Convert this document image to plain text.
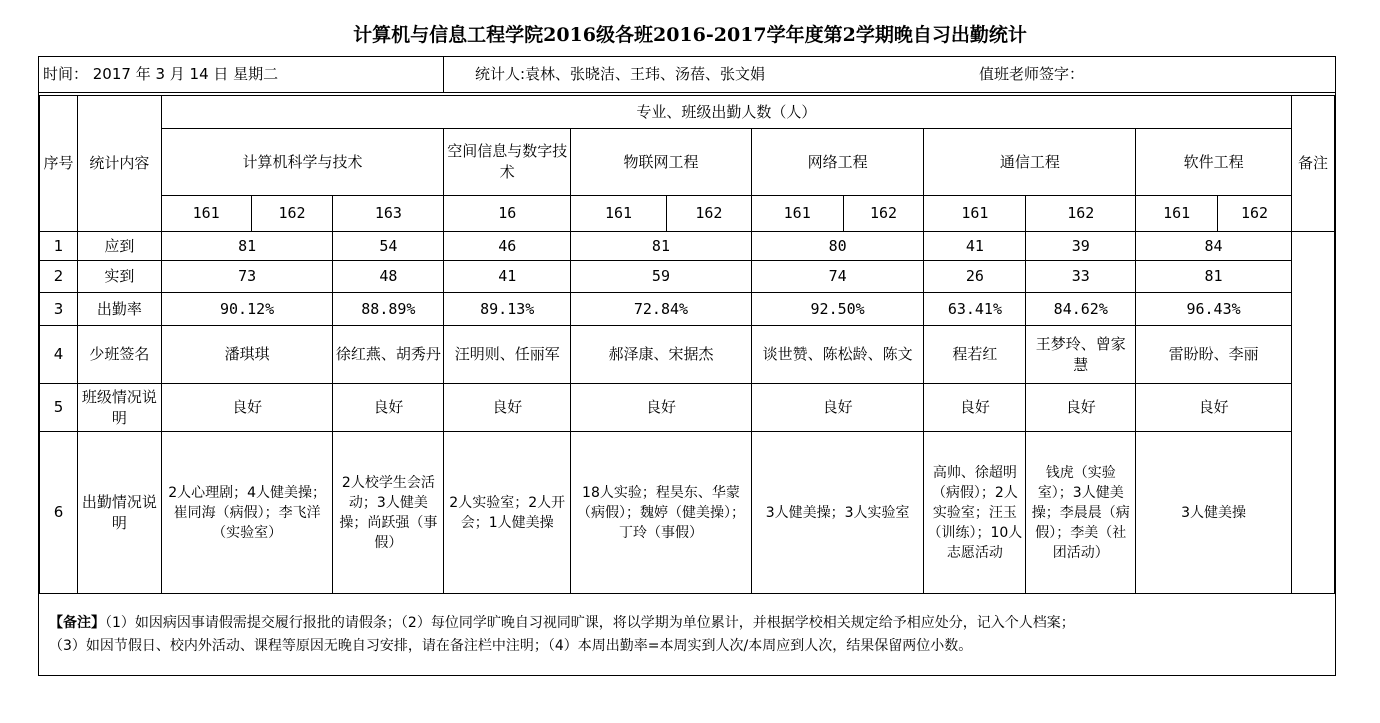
计算机与信息工程学院2016级各班2016-2017学年度第2学期晚自习出勤统计
时间： 2017 年 3 月 14 日 星期二	统计人:袁林、张晓洁、王玮、汤蓓、张文娟	值班老师签字：
序号	统计内容	专业、班级出勤人数（人）												备注
		计算机科学与技术			空间信息与数字技术	物联网工程		网络工程		通信工程		软件工程		
		161	162	163	16	161	162	161	162	161	162	161	162	
1	应到	81		54	46	81		80		41	39	84		
2	实到	73		48	41	59		74		26	33	81		
3	出勤率	90.12%		88.89%	89.13%	72.84%		92.50%		63.41%	84.62%	96.43%		
4	少班签名	潘琪琪		徐红燕、胡秀丹	汪明则、任丽军	郝泽康、宋据杰		谈世赞、陈松龄、陈文		程若红	王梦玲、曾家慧	雷盼盼、李丽		
5	班级情况说明	良好		良好	良好	良好		良好		良好	良好	良好		
6	出勤情况说明	2人心理剧；4人健美操；崔同海（病假）；李飞洋（实验室）		2人校学生会活动；3人健美操；尚跃强（事假）	2人实验室；2人开会；1人健美操	18人实验；程昊东、华蒙（病假）；魏婷（健美操）；丁玲（事假）		3人健美操；3人实验室		高帅、徐超明（病假）；2人实验室；汪玉（训练）；10人志愿活动	钱虎（实验室）；3人健美操；李晨晨（病假）；李美（社团活动）	3人健美操		
【备注】（1）如因病因事请假需提交履行报批的请假条；（2）每位同学旷晚自习视同旷课，将以学期为单位累计，并根据学校相关规定给予相应处分，记入个人档案；
（3）如因节假日、校内外活动、课程等原因无晚自习安排，请在备注栏中注明；（4）本周出勤率=本周实到人次/本周应到人次，结果保留两位小数。
